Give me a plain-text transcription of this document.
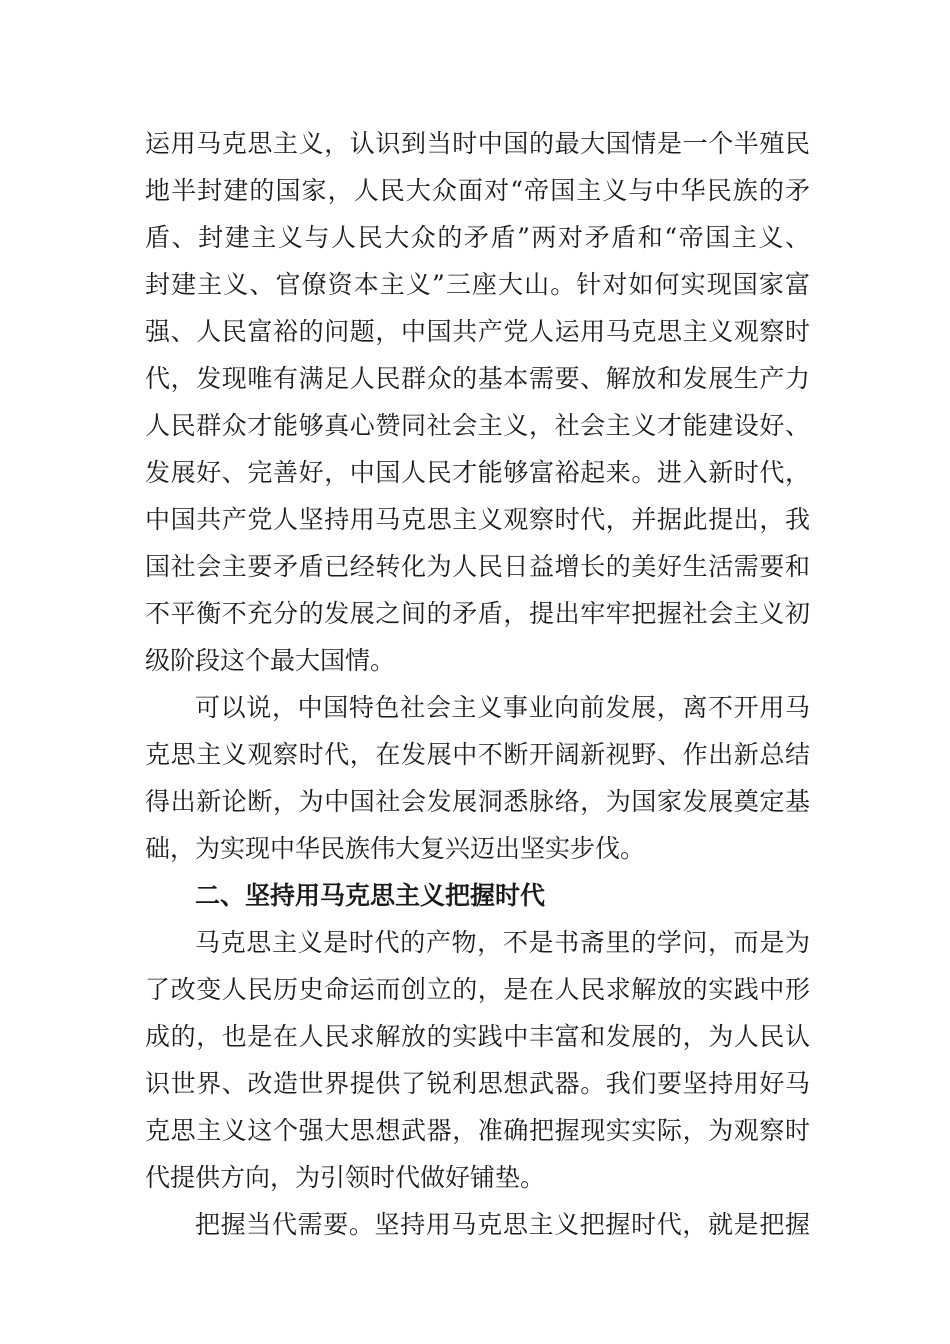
运用马克思主义，认识到当时中国的最大国情是一个半殖民
地半封建的国家，人民大众面对“帝国主义与中华民族的矛
盾、封建主义与人民大众的矛盾”两对矛盾和“帝国主义、
封建主义、官僚资本主义”三座大山。针对如何实现国家富
强、人民富裕的问题，中国共产党人运用马克思主义观察时
代，发现唯有满足人民群众的基本需要、解放和发展生产力
人民群众才能够真心赞同社会主义，社会主义才能建设好、
发展好、完善好，中国人民才能够富裕起来。进入新时代，
中国共产党人坚持用马克思主义观察时代，并据此提出，我
国社会主要矛盾已经转化为人民日益增长的美好生活需要和
不平衡不充分的发展之间的矛盾，提出牢牢把握社会主义初
级阶段这个最大国情。
可以说，中国特色社会主义事业向前发展，离不开用马
克思主义观察时代，在发展中不断开阔新视野、作出新总结
得出新论断，为中国社会发展洞悉脉络，为国家发展奠定基
础，为实现中华民族伟大复兴迈出坚实步伐。
二、坚持用马克思主义把握时代
马克思主义是时代的产物，不是书斋里的学问，而是为
了改变人民历史命运而创立的，是在人民求解放的实践中形
成的，也是在人民求解放的实践中丰富和发展的，为人民认
识世界、改造世界提供了锐利思想武器。我们要坚持用好马
克思主义这个强大思想武器，准确把握现实实际，为观察时
代提供方向，为引领时代做好铺垫。
把握当代需要。坚持用马克思主义把握时代，就是把握
